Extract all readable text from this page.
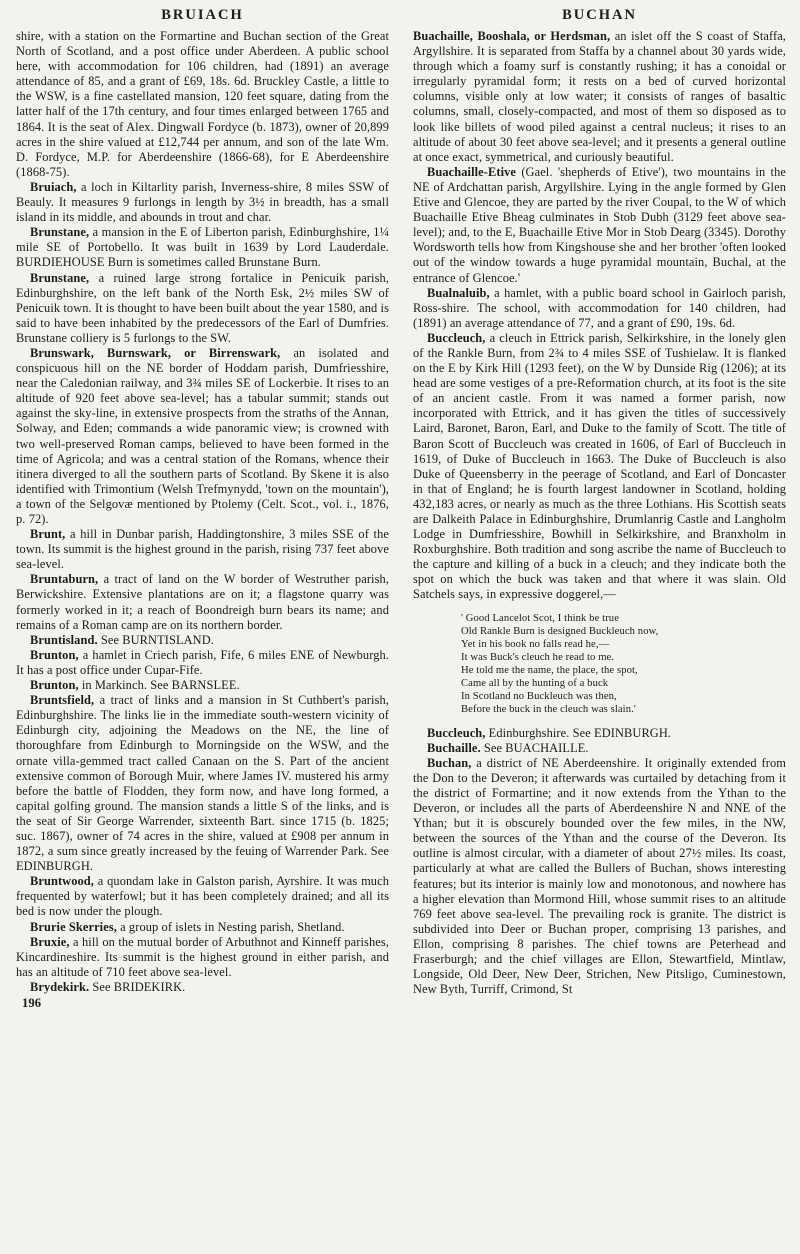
BRUIACH	BUCHAN

shire, with a station on the Formartine and Buchan section of the Great North of Scotland, and a post office under Aberdeen. A public school here, with accommodation for 106 children, had (1891) an average attendance of 85, and a grant of £69, 18s. 6d. Bruckley Castle, a little to the WSW, is a fine castellated mansion, 120 feet square, dating from the latter half of the 17th century, and four times enlarged between 1765 and 1864. It is the seat of Alex. Dingwall Fordyce (b. 1873), owner of 20,899 acres in the shire valued at £12,744 per annum, and son of the late Wm. D. Fordyce, M.P. for Aberdeenshire (1866-68), for E Aberdeenshire (1868-75).

Bruiach, a loch in Kiltarlity parish, Inverness-shire, 8 miles SSW of Beauly. It measures 9 furlongs in length by 3½ in breadth, has a small island in its middle, and abounds in trout and char.

Brunstane, a mansion in the E of Liberton parish, Edinburghshire, 1¼ mile SE of Portobello. It was built in 1639 by Lord Lauderdale. BURDIEHOUSE Burn is sometimes called Brunstane Burn.

Brunstane, a ruined large strong fortalice in Penicuik parish, Edinburghshire, on the left bank of the North Esk, 2½ miles SW of Penicuik town. It is thought to have been built about the year 1580, and is said to have been inhabited by the predecessors of the Earl of Dumfries. Brunstane colliery is 5 furlongs to the SW.

Brunswark, Burnswark, or Birrenswark, an isolated and conspicuous hill on the NE border of Hoddam parish, Dumfriesshire, near the Caledonian railway, and 3¾ miles SE of Lockerbie. It rises to an altitude of 920 feet above sea-level; has a tabular summit; stands out against the sky-line, in extensive prospects from the straths of the Annan, Solway, and Eden; commands a wide panoramic view; is crowned with two well-preserved Roman camps, believed to have been formed in the time of Agricola; and was a central station of the Romans, whence their itinera diverged to all the southern parts of Scotland. By Skene it is also identified with Trimontium (Welsh Trefmynydd, 'town on the mountain'), a town of the Selgovæ mentioned by Ptolemy (Celt. Scot., vol. i., 1876, p. 72).

Brunt, a hill in Dunbar parish, Haddingtonshire, 3 miles SSE of the town. Its summit is the highest ground in the parish, rising 737 feet above sea-level.

Bruntaburn, a tract of land on the W border of Westruther parish, Berwickshire. Extensive plantations are on it; a flagstone quarry was formerly worked in it; a reach of Boondreigh burn bears its name; and remains of a Roman camp are on its northern border.

Bruntisland. See BURNTISLAND.

Brunton, a hamlet in Criech parish, Fife, 6 miles ENE of Newburgh. It has a post office under Cupar-Fife.

Brunton, in Markinch. See BARNSLEE.

Bruntsfield, a tract of links and a mansion in St Cuthbert's parish, Edinburghshire. The links lie in the immediate south-western vicinity of Edinburgh city, adjoining the Meadows on the NE, the line of thoroughfare from Edinburgh to Morningside on the WSW, and the ornate villa-gemmed tract called Canaan on the S. Part of the ancient extensive common of Borough Muir, where James IV. mustered his army before the battle of Flodden, they form now, and have long formed, a capital golfing ground. The mansion stands a little S of the links, and is the seat of Sir George Warrender, sixteenth Bart. since 1715 (b. 1825; suc. 1867), owner of 74 acres in the shire, valued at £908 per annum in 1872, a sum since greatly increased by the feuing of Warrender Park. See EDINBURGH.

Bruntwood, a quondam lake in Galston parish, Ayrshire. It was much frequented by waterfowl; but it has been completely drained; and all its bed is now under the plough.

Brurie Skerries, a group of islets in Nesting parish, Shetland.

Bruxie, a hill on the mutual border of Arbuthnot and Kinneff parishes, Kincardineshire. Its summit is the highest ground in either parish, and has an altitude of 710 feet above sea-level.

Brydekirk. See BRIDEKIRK.

196

Buachaille, Booshala, or Herdsman, an islet off the S coast of Staffa, Argyllshire. It is separated from Staffa by a channel about 30 yards wide, through which a foamy surf is constantly rushing; it has a conoidal or irregularly pyramidal form; it rests on a bed of curved horizontal columns, visible only at low water; it consists of ranges of basaltic columns, small, closely-compacted, and most of them so disposed as to look like billets of wood piled against a central nucleus; it rises to an altitude of about 30 feet above sea-level; and it presents a general outline at once exact, symmetrical, and curiously beautiful.

Buachaille-Etive (Gael. 'shepherds of Etive'), two mountains in the NE of Ardchattan parish, Argyllshire. Lying in the angle formed by Glen Etive and Glencoe, they are parted by the river Coupal, to the W of which Buachaille Etive Bheag culminates in Stob Dubh (3129 feet above sea-level); and, to the E, Buachaille Etive Mor in Stob Dearg (3345). Dorothy Wordsworth tells how from Kingshouse she and her brother 'often looked out of the window towards a huge pyramidal mountain, Buchal, at the entrance of Glencoe.'

Bualnaluib, a hamlet, with a public board school in Gairloch parish, Ross-shire. The school, with accommodation for 140 children, had (1891) an average attendance of 77, and a grant of £90, 19s. 6d.

Buccleuch, a cleuch in Ettrick parish, Selkirkshire, in the lonely glen of the Rankle Burn, from 2¾ to 4 miles SSE of Tushielaw. It is flanked on the E by Kirk Hill (1293 feet), on the W by Dunside Rig (1206); at its head are some vestiges of a pre-Reformation church, at its foot is the site of an ancient castle. From it was named a former parish, now incorporated with Ettrick, and it has given the titles of successively Laird, Baronet, Baron, Earl, and Duke to the family of Scott. The title of Baron Scott of Buccleuch was created in 1606, of Earl of Buccleuch in 1619, of Duke of Buccleuch in 1663. The Duke of Buccleuch is also Duke of Queensberry in the peerage of Scotland, and Earl of Doncaster in that of England; he is fourth largest landowner in Scotland, holding 432,183 acres, or nearly as much as the three Lothians. His Scottish seats are Dalkeith Palace in Edinburghshire, Drumlanrig Castle and Langholm Lodge in Dumfriesshire, Bowhill in Selkirkshire, and Branxholm in Roxburghshire. Both tradition and song ascribe the name of Buccleuch to the capture and killing of a buck in a cleuch; and they indicate both the spot on which the buck was taken and that where it was slain. Old Satchels says, in expressive doggerel,—

' Good Lancelot Scot, I think be true
Old Rankle Burn is designed Buckleuch now,
Yet in his book no falls read he,—
It was Buck's cleuch he read to me.
He told me the name, the place, the spot,
Came all by the hunting of a buck
In Scotland no Buckleuch was then,
Before the buck in the cleuch was slain.'

Buccleuch, Edinburghshire. See EDINBURGH.

Buchaille. See BUACHAILLE.

Buchan, a district of NE Aberdeenshire. It originally extended from the Don to the Deveron; it afterwards was curtailed by detaching from it the district of Formartine; and it now extends from the Ythan to the Deveron, or includes all the parts of Aberdeenshire N and NNE of the Ythan; but it is obscurely bounded over the few miles, in the NW, between the sources of the Ythan and the course of the Deveron. Its outline is almost circular, with a diameter of about 27½ miles. Its coast, particularly at what are called the Bullers of Buchan, shows interesting features; but its interior is mainly low and monotonous, and nowhere has a higher elevation than Mormond Hill, whose summit rises to an altitude 769 feet above sea-level. The prevailing rock is granite. The district is subdivided into Deer or Buchan proper, comprising 13 parishes, and Ellon, comprising 8 parishes. The chief towns are Peterhead and Fraserburgh; and the chief villages are Ellon, Stewartfield, Mintlaw, Longside, Old Deer, New Deer, Strichen, New Pitsligo, Cuminestown, New Byth, Turriff, Crimond, St
